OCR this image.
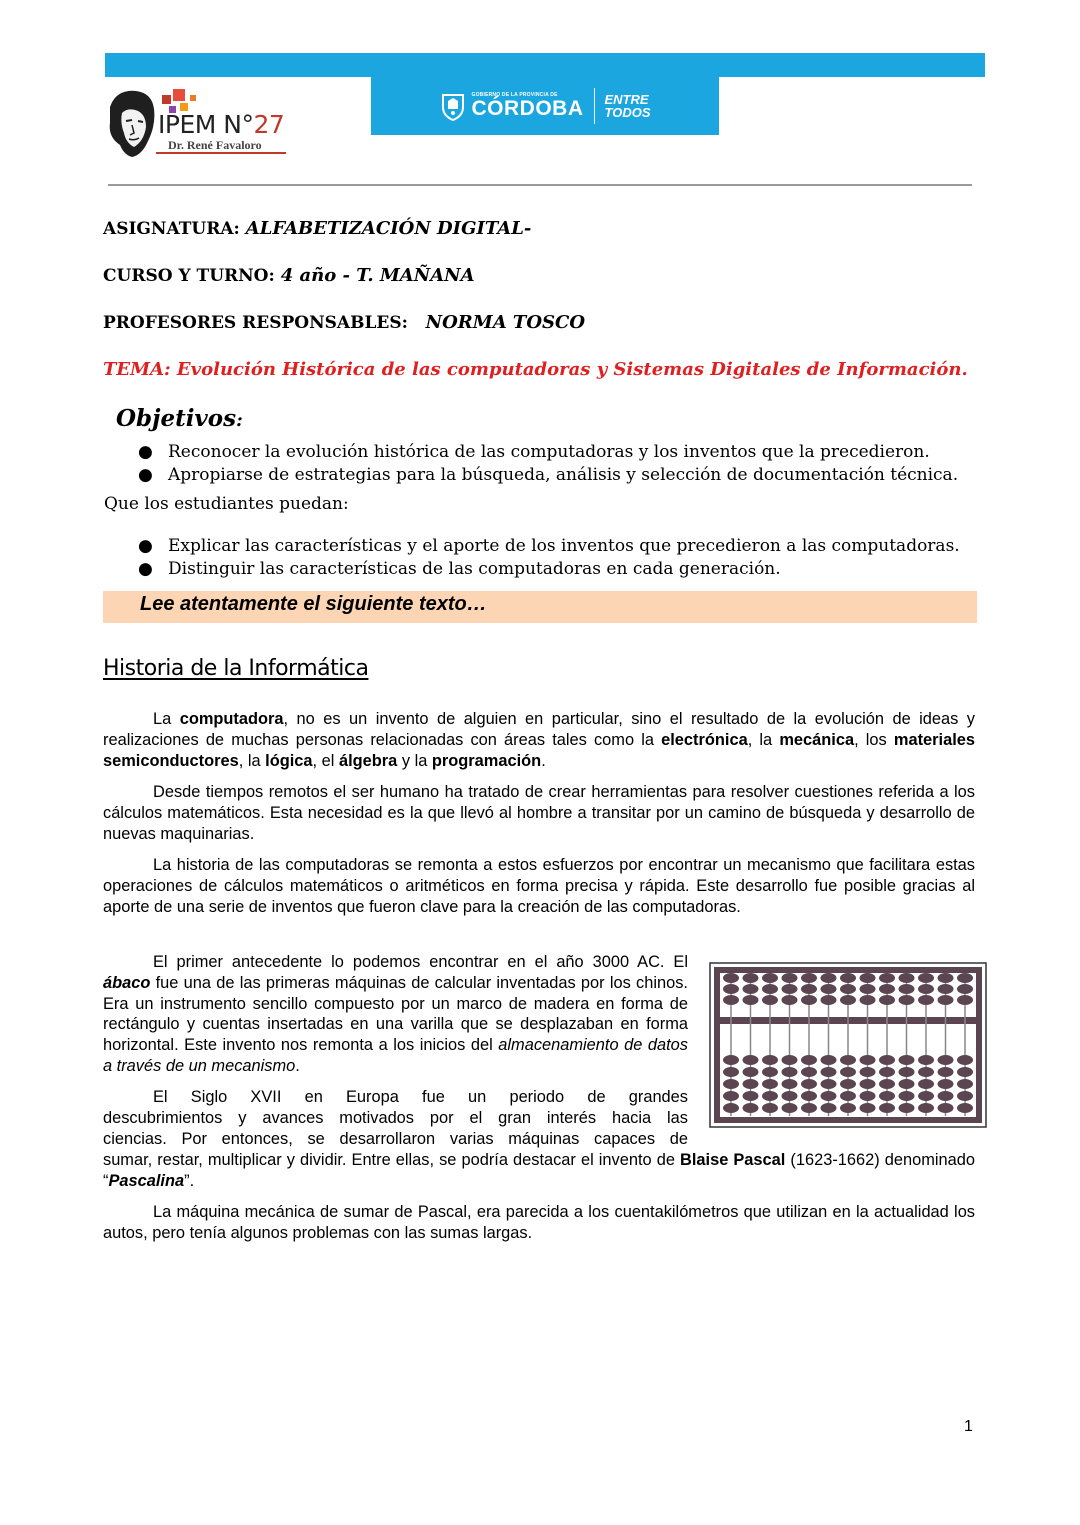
GOBIERNO DE LA PROVINCIA DE
CÓRDOBA ENTRE
TODOS
IPEM N°27
Dr. René Favaloro
ASIGNATURA: ALFABETIZACIÓN DIGITAL-
CURSO Y TURNO: 4 año - T. MAÑANA
PROFESORES RESPONSABLES: NORMA TOSCO
TEMA: Evolución Histórica de las computadoras y Sistemas Digitales de Información.
Objetivos:
● Reconocer la evolución histórica de las computadoras y los inventos que la precedieron.
● Apropiarse de estrategias para la búsqueda, análisis y selección de documentación técnica.
Que los estudiantes puedan:
● Explicar las características y el aporte de los inventos que precedieron a las computadoras.
● Distinguir las características de las computadoras en cada generación.
Lee atentamente el siguiente texto…
Historia de la Informática
La computadora, no es un invento de alguien en particular, sino el resultado de la evolución de ideas y realizaciones de muchas personas relacionadas con áreas tales como la electrónica, la mecánica, los materiales semiconductores, la lógica, el álgebra y la programación.
Desde tiempos remotos el ser humano ha tratado de crear herramientas para resolver cuestiones referida a los cálculos matemáticos. Esta necesidad es la que llevó al hombre a transitar por un camino de búsqueda y desarrollo de nuevas maquinarias.
La historia de las computadoras se remonta a estos esfuerzos por encontrar un mecanismo que facilitara estas operaciones de cálculos matemáticos o aritméticos en forma precisa y rápida. Este desarrollo fue posible gracias al aporte de una serie de inventos que fueron clave para la creación de las computadoras.
El primer antecedente lo podemos encontrar en el año 3000 AC. El ábaco fue una de las primeras máquinas de calcular inventadas por los chinos. Era un instrumento sencillo compuesto por un marco de madera en forma de rectángulo y cuentas insertadas en una varilla que se desplazaban en forma horizontal. Este invento nos remonta a los inicios del almacenamiento de datos a través de un mecanismo.
El Siglo XVII en Europa fue un periodo de grandes
descubrimientos y avances motivados por el gran interés hacia las
ciencias. Por entonces, se desarrollaron varias máquinas capaces de
sumar, restar, multiplicar y dividir. Entre ellas, se podría destacar el invento de Blaise Pascal (1623-1662) denominado “Pascalina”.
La máquina mecánica de sumar de Pascal, era parecida a los cuentakilómetros que utilizan en la actualidad los autos, pero tenía algunos problemas con las sumas largas.
1
